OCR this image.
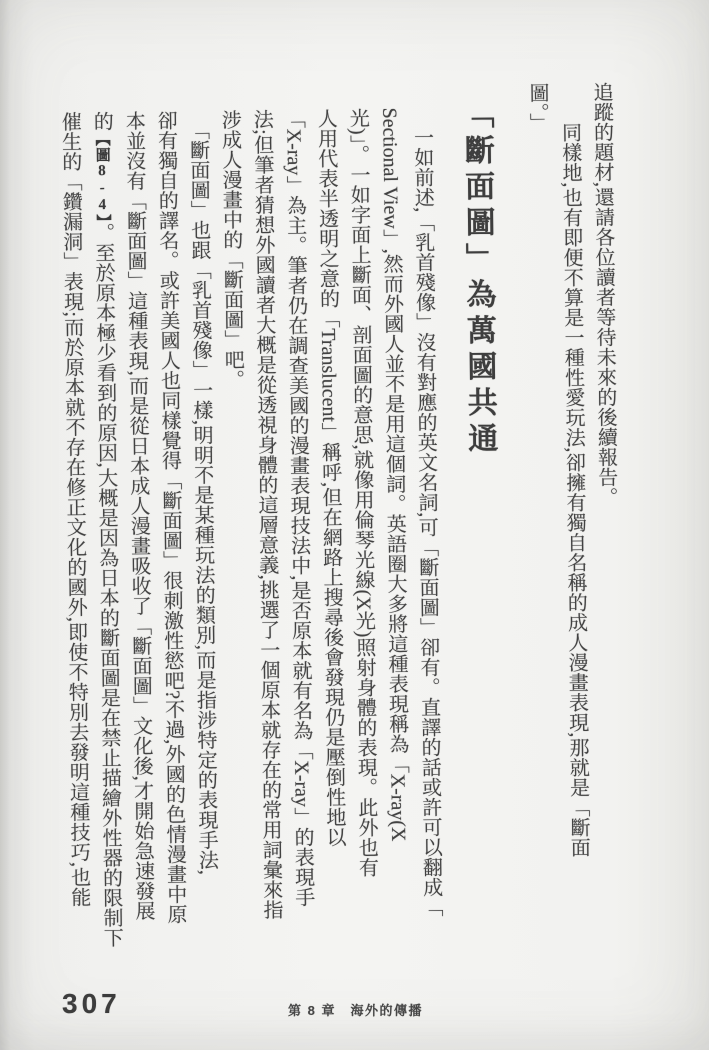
追蹤的題材,還請各位讀者等待未來的後續報告。
　　同樣地,也有即便不算是一種性愛玩法,卻擁有獨自名稱的成人漫畫表現,那就是「斷面
圖。」
「斷面圖」為萬國共通
　一如前述,「乳首殘像」沒有對應的英文名詞,可「斷面圖」卻有。直譯的話或許可以翻成「
Sectional View」,然而外國人並不是用這個詞。英語圈大多將這種表現稱為「X-ray(X
光)」。一如字面上斷面、剖面圖的意思,就像用倫琴光線(X光)照射身體的表現。此外也有
人用代表半透明之意的「Translucent」稱呼,但在網路上搜尋後會發現仍是壓倒性地以
「X-ray」為主。筆者仍在調查美國的漫畫表現技法中,是否原本就有名為「X-ray」的表現手
法;但筆者猜想外國讀者大概是從透視身體的這層意義,挑選了一個原本就存在的常用詞彙來指
涉成人漫畫中的「斷面圖」吧。
　「斷面圖」也跟「乳首殘像」一樣,明明不是某種玩法的類別,而是指涉特定的表現手法,
卻有獨自的譯名。或許美國人也同樣覺得「斷面圖」很刺激性慾吧?不過,外國的色情漫畫中原
本並沒有「斷面圖」這種表現,而是從日本成人漫畫吸收了「斷面圖」文化後,才開始急速發展
的【圖8-4】。至於原本極少看到的原因,大概是因為日本的斷面圖是在禁止描繪外性器的限制下
催生的「鑽漏洞」表現;而於原本就不存在修正文化的國外,即使不特別去發明這種技巧,也能
307	第 8 章　海外的傳播
